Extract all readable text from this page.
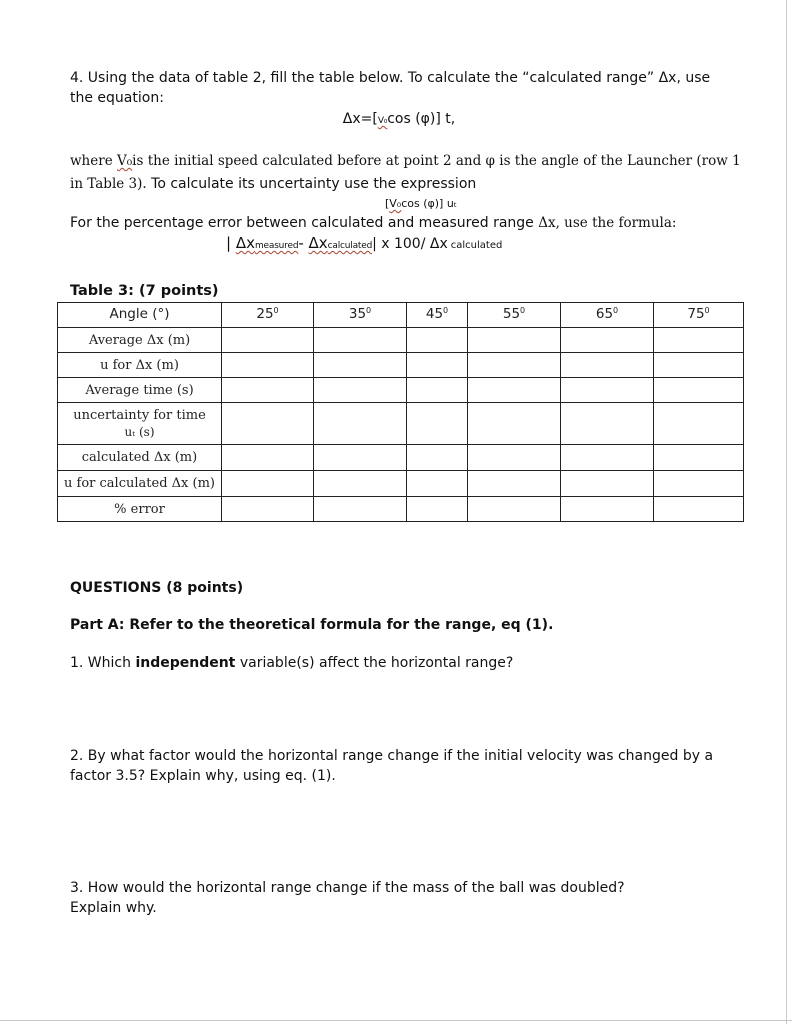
4. Using the data of table 2, fill the table below. To calculate the “calculated range” Δx, use
the equation:
Δx=[V₀cos (φ)] t,
where V₀is the initial speed calculated before at point 2 and φ is the angle of the Launcher (row 1
in Table 3). To calculate its uncertainty use the expression
[V₀cos (φ)] uₜ
For the percentage error between calculated and measured range Δx, use the formula:
| Δxmeasured- Δxcalculated| x 100/ Δx calculated
Table 3: (7 points)
Angle (°)	$25^0$	$35^0$	$45^0$	$55^0$	$65^0$	$75^0$
Average Δx (m)						
u for Δx (m)						
Average time (s)						

uncertainty for time
uₜ (s)						

calculated Δx (m)						
u for calculated Δx (m)						
% error						
QUESTIONS (8 points)
Part A: Refer to the theoretical formula for the range, eq (1).
1. Which independent variable(s) affect the horizontal range?
2. By what factor would the horizontal range change if the initial velocity was changed by a
factor 3.5? Explain why, using eq. (1).
3. How would the horizontal range change if the mass of the ball was doubled?
Explain why.
